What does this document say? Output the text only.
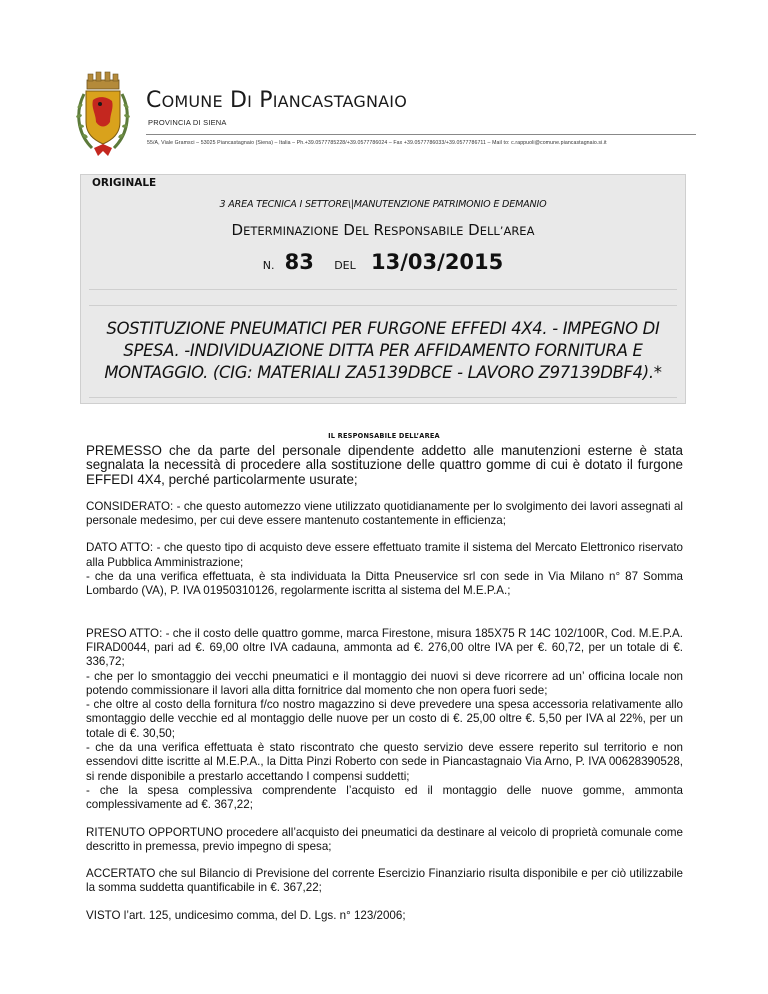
COMUNE DI PIANCASTAGNAIO
PROVINCIA DI SIENA
55/A, Viale Gramsci – 53025 Piancastagnaio (Siena) – Italia – Ph.+39.0577785228/+39.0577786024 – Fax +39.0577786033/+39.0577786711 – Mail to: c.rappuoli@comune.piancastagnaio.si.it
ORIGINALE
3 AREA TECNICA I SETTORE\|MANUTENZIONE PATRIMONIO E DEMANIO
DETERMINAZIONE DEL RESPONSABILE DELL’AREA
N. 83 DEL 13/03/2015
SOSTITUZIONE PNEUMATICI PER FURGONE EFFEDI 4X4. - IMPEGNO DI SPESA. -INDIVIDUAZIONE DITTA PER AFFIDAMENTO FORNITURA E MONTAGGIO. (CIG: MATERIALI ZA5139DBCE - LAVORO Z97139DBF4).*
IL RESPONSABILE DELL’AREA

PREMESSO che da parte del personale dipendente addetto alle manutenzioni esterne è stata segnalata la necessità di procedere alla sostituzione delle quattro gomme di cui è dotato il furgone EFFEDI 4X4, perché particolarmente usurate;

CONSIDERATO: - che questo automezzo viene utilizzato quotidianamente per lo svolgimento dei lavori assegnati al personale medesimo, per cui deve essere mantenuto costantemente in efficienza;

DATO ATTO: - che questo tipo di acquisto deve essere effettuato tramite il sistema del Mercato Elettronico riservato alla Pubblica Amministrazione;
- che da una verifica effettuata, è sta individuata la Ditta Pneuservice srl con sede in Via Milano n° 87 Somma Lombardo (VA), P. IVA 01950310126, regolarmente iscritta al sistema del M.E.P.A.;

PRESO ATTO: - che il costo delle quattro gomme, marca Firestone, misura 185X75 R 14C 102/100R, Cod. M.E.P.A. FIRAD0044, pari ad €. 69,00 oltre IVA cadauna, ammonta ad €. 276,00 oltre IVA per €. 60,72, per un totale di €. 336,72;
- che per lo smontaggio dei vecchi pneumatici e il montaggio dei nuovi si deve ricorrere ad un’ officina locale non potendo commissionare il lavori alla ditta fornitrice dal momento che non opera fuori sede;
- che oltre al costo della fornitura f/co nostro magazzino si deve prevedere una spesa accessoria relativamente allo smontaggio delle vecchie ed al montaggio delle nuove per un costo di €. 25,00 oltre €. 5,50 per IVA al 22%, per un totale di €. 30,50;
- che da una verifica effettuata è stato riscontrato che questo servizio deve essere reperito sul territorio e non essendovi ditte iscritte al M.E.P.A., la Ditta Pinzi Roberto con sede in Piancastagnaio Via Arno, P. IVA 00628390528, si rende disponibile a prestarlo accettando I compensi suddetti;
- che la spesa complessiva comprendente l’acquisto ed il montaggio delle nuove gomme, ammonta complessivamente ad €. 367,22;

RITENUTO OPPORTUNO procedere all’acquisto dei pneumatici da destinare al veicolo di proprietà comunale come descritto in premessa, previo impegno di spesa;

ACCERTATO che sul Bilancio di Previsione del corrente Esercizio Finanziario risulta disponibile e per ciò utilizzabile la somma suddetta quantificabile in €. 367,22;

VISTO l’art. 125, undicesimo comma, del D. Lgs. n° 123/2006;
